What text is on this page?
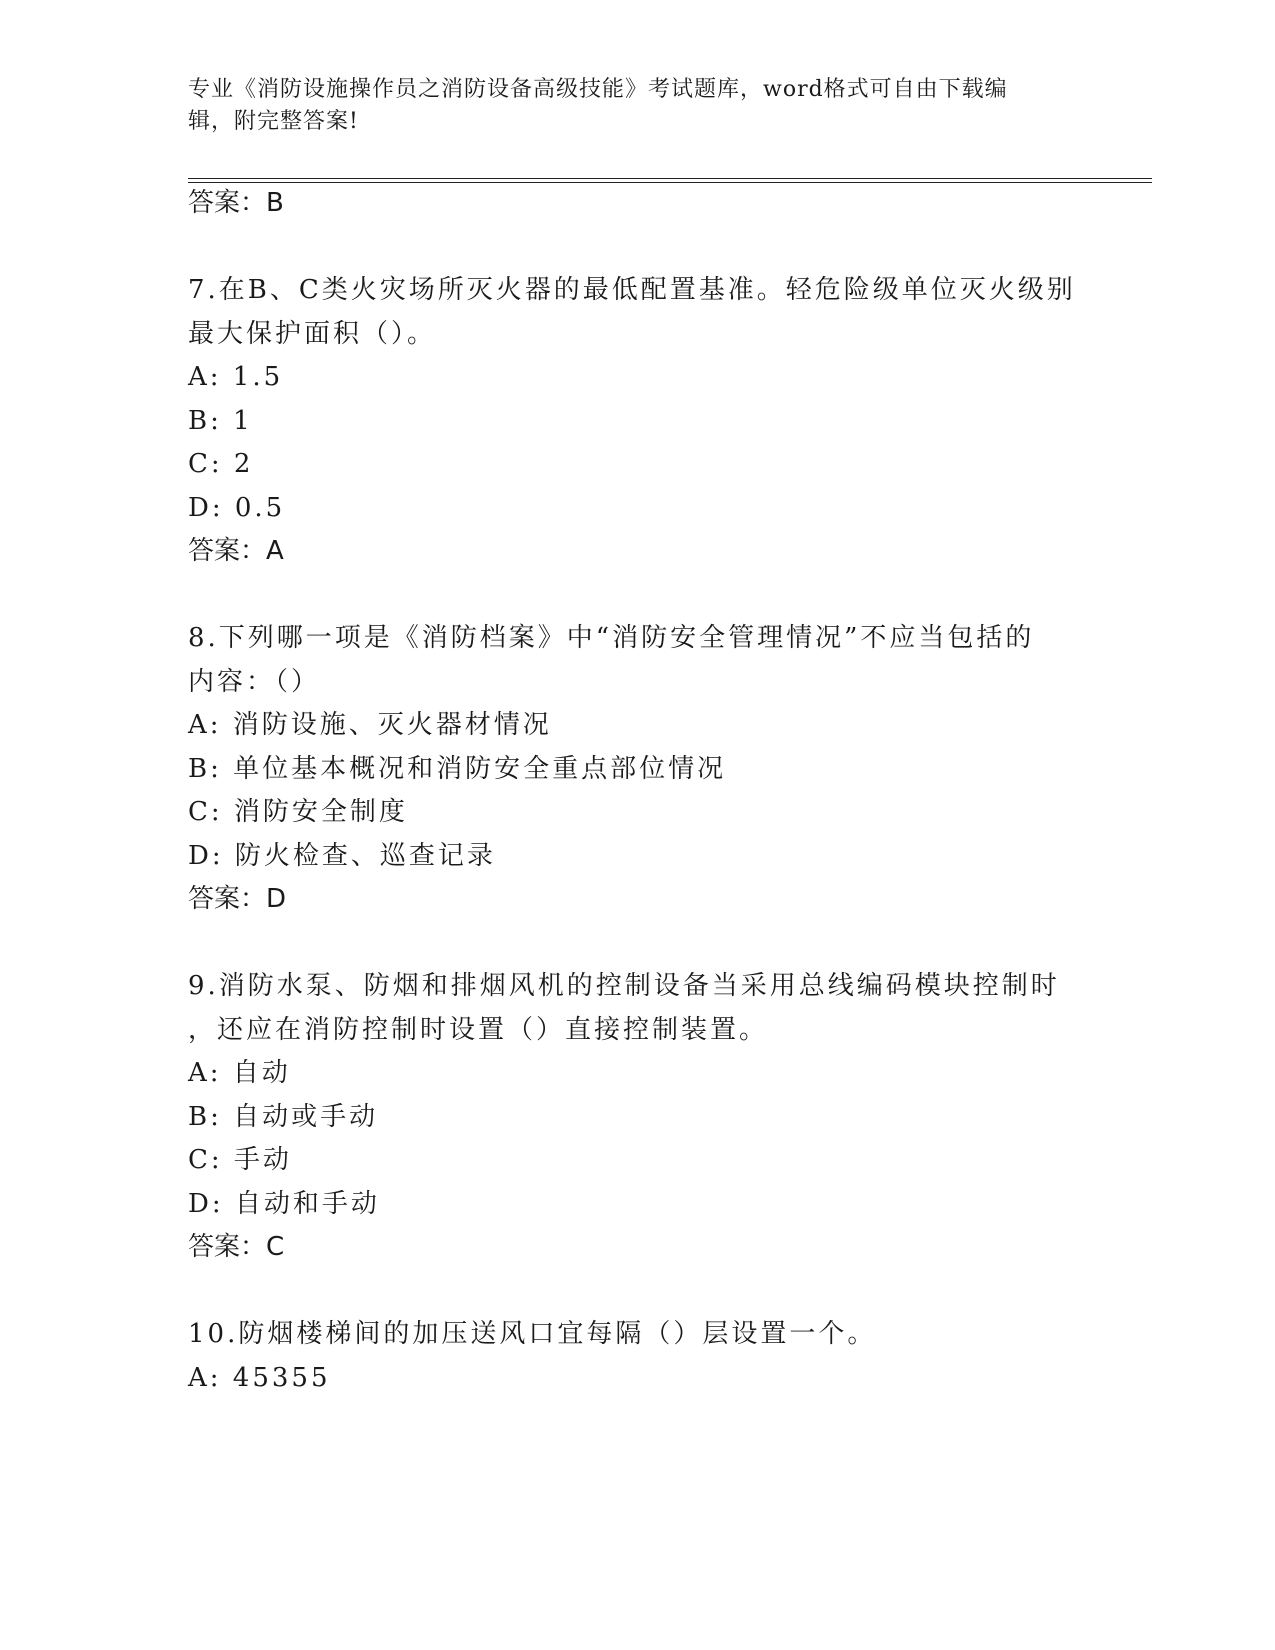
专业《消防设施操作员之消防设备高级技能》考试题库，word格式可自由下载编
辑，附完整答案!
答案：B
7.在B、C类火灾场所灭火器的最低配置基准。轻危险级单位灭火级别
最大保护面积（）。
A: 1.5
B: 1
C: 2
D: 0.5
答案：A
8.下列哪一项是《消防档案》中“消防安全管理情况”不应当包括的
内容：（）
A: 消防设施、灭火器材情况
B: 单位基本概况和消防安全重点部位情况
C: 消防安全制度
D: 防火检查、巡查记录
答案：D
9.消防水泵、防烟和排烟风机的控制设备当采用总线编码模块控制时
，还应在消防控制时设置（）直接控制装置。
A: 自动
B: 自动或手动
C: 手动
D: 自动和手动
答案：C
10.防烟楼梯间的加压送风口宜每隔（）层设置一个。
A: 45355
